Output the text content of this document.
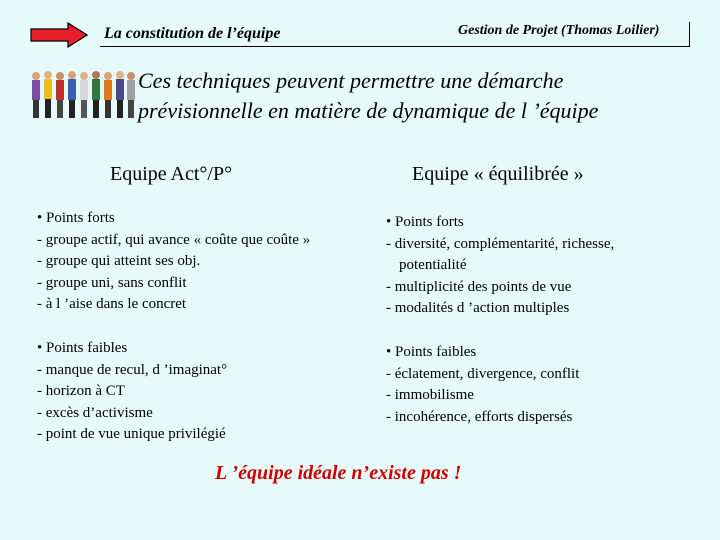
La constitution de l’équipe	Gestion de Projet (Thomas Loilier)
Ces techniques peuvent permettre une démarche
prévisionnelle en matière de dynamique de l ’équipe
Equipe Act°/P°	Equipe « équilibrée »
• Points forts
- groupe actif, qui avance « coûte que coûte »
- groupe qui atteint ses obj.
- groupe uni, sans conflit
- à l ’aise dans le concret
• Points forts
- diversité, complémentarité, richesse,
potentialité
- multiplicité des points de vue
- modalités d ’action multiples
• Points faibles
- manque de recul, d ’imaginat°
- horizon à CT
- excès d’activisme
- point de vue unique privilégié
• Points faibles
- éclatement, divergence, conflit
- immobilisme
- incohérence, efforts dispersés
L ’équipe idéale n’existe pas !
